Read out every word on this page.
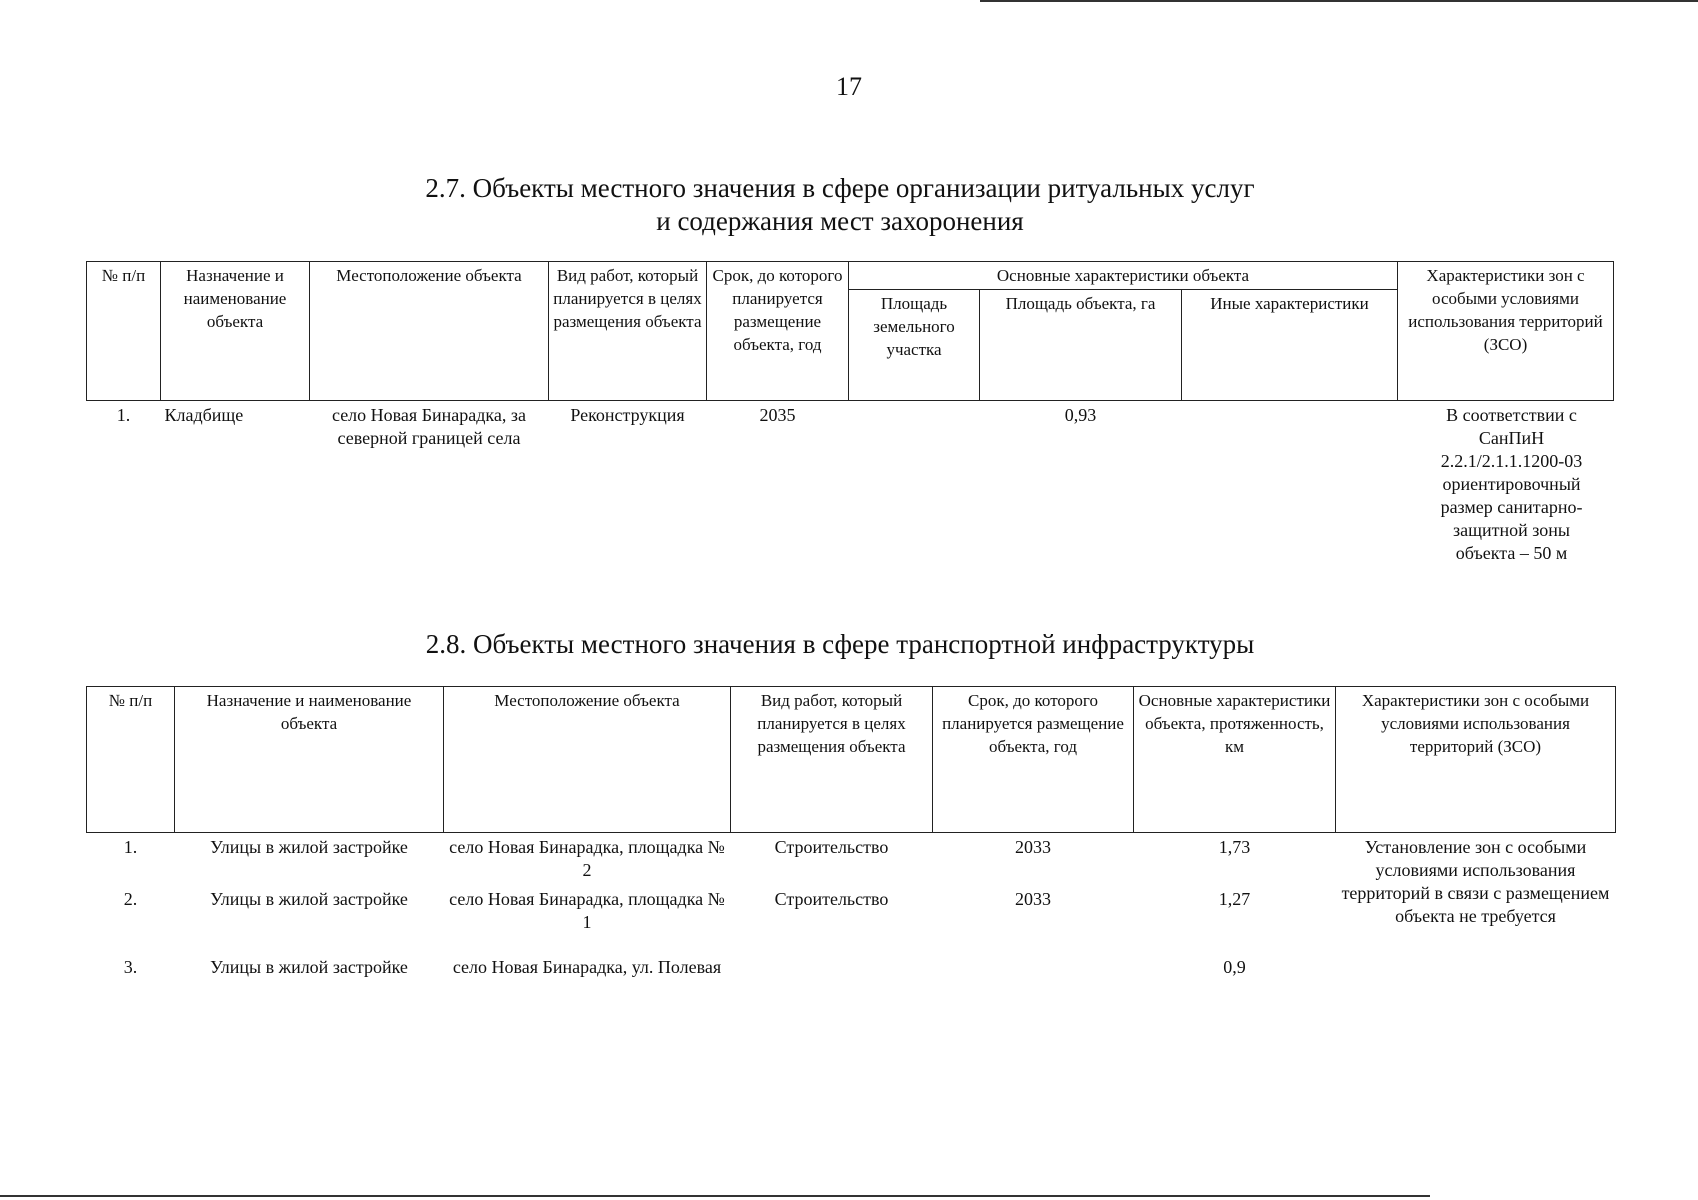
17
2.7. Объекты местного значения в сфере организации ритуальных услуг
и содержания мест захоронения
№ п/п	Назначение и наименование объекта	Местоположение объекта	Вид работ, который планируется в целях размещения объекта	Срок, до которого планируется размещение объекта, год	Основные характеристики объекта			Характеристики зон с особыми условиями использования территорий (ЗСО)
					Площадь земельного участка	Площадь объекта, га	Иные характеристики	
1.	Кладбище	село Новая Бинарадка, за северной границей села	Реконструкция	2035		0,93		В соответствии с СанПиН 2.2.1/2.1.1.1200-03 ориентировочный размер санитарно-защитной зоны объекта – 50 м
2.8. Объекты местного значения в сфере транспортной инфраструктуры
№ п/п	Назначение и наименование объекта	Местоположение объекта	Вид работ, который планируется в целях размещения объекта	Срок, до которого планируется размещение объекта, год	Основные характеристики объекта, протяженность, км	Характеристики зон с особыми условиями использования территорий (ЗСО)
1.	Улицы в жилой застройке	село Новая Бинарадка, площадка № 2	Строительство	2033	1,73	Установление зон с особыми условиями использования территорий в связи с размещением объекта не требуется
2.	Улицы в жилой застройке	село Новая Бинарадка, площадка № 1	Строительство	2033	1,27	
3.	Улицы в жилой застройке	село Новая Бинарадка, ул. Полевая			0,9	
